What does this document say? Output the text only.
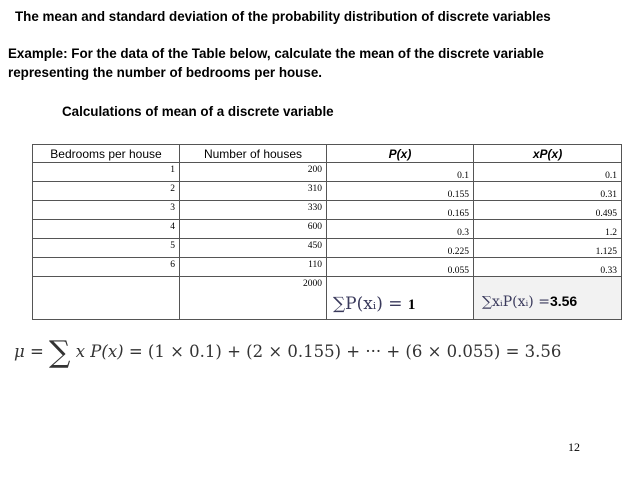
The mean and standard deviation of the probability distribution of discrete variables
Example: For the data of the Table below, calculate the mean of the discrete variable representing the number of bedrooms per house.
Calculations of mean of a discrete variable
Bedrooms per house	Number of houses	P(x)	xP(x)
1	200	0.1	0.1
2	310	0.155	0.31
3	330	0.165	0.495
4	600	0.3	1.2
5	450	0.225	1.125
6	110	0.055	0.33
	2000	∑P(xᵢ) = 1	∑xᵢP(xᵢ) =3.56
μ = ∑ x P(x) = (1 × 0.1) + (2 × 0.155) + ··· + (6 × 0.055) = 3.56
12
